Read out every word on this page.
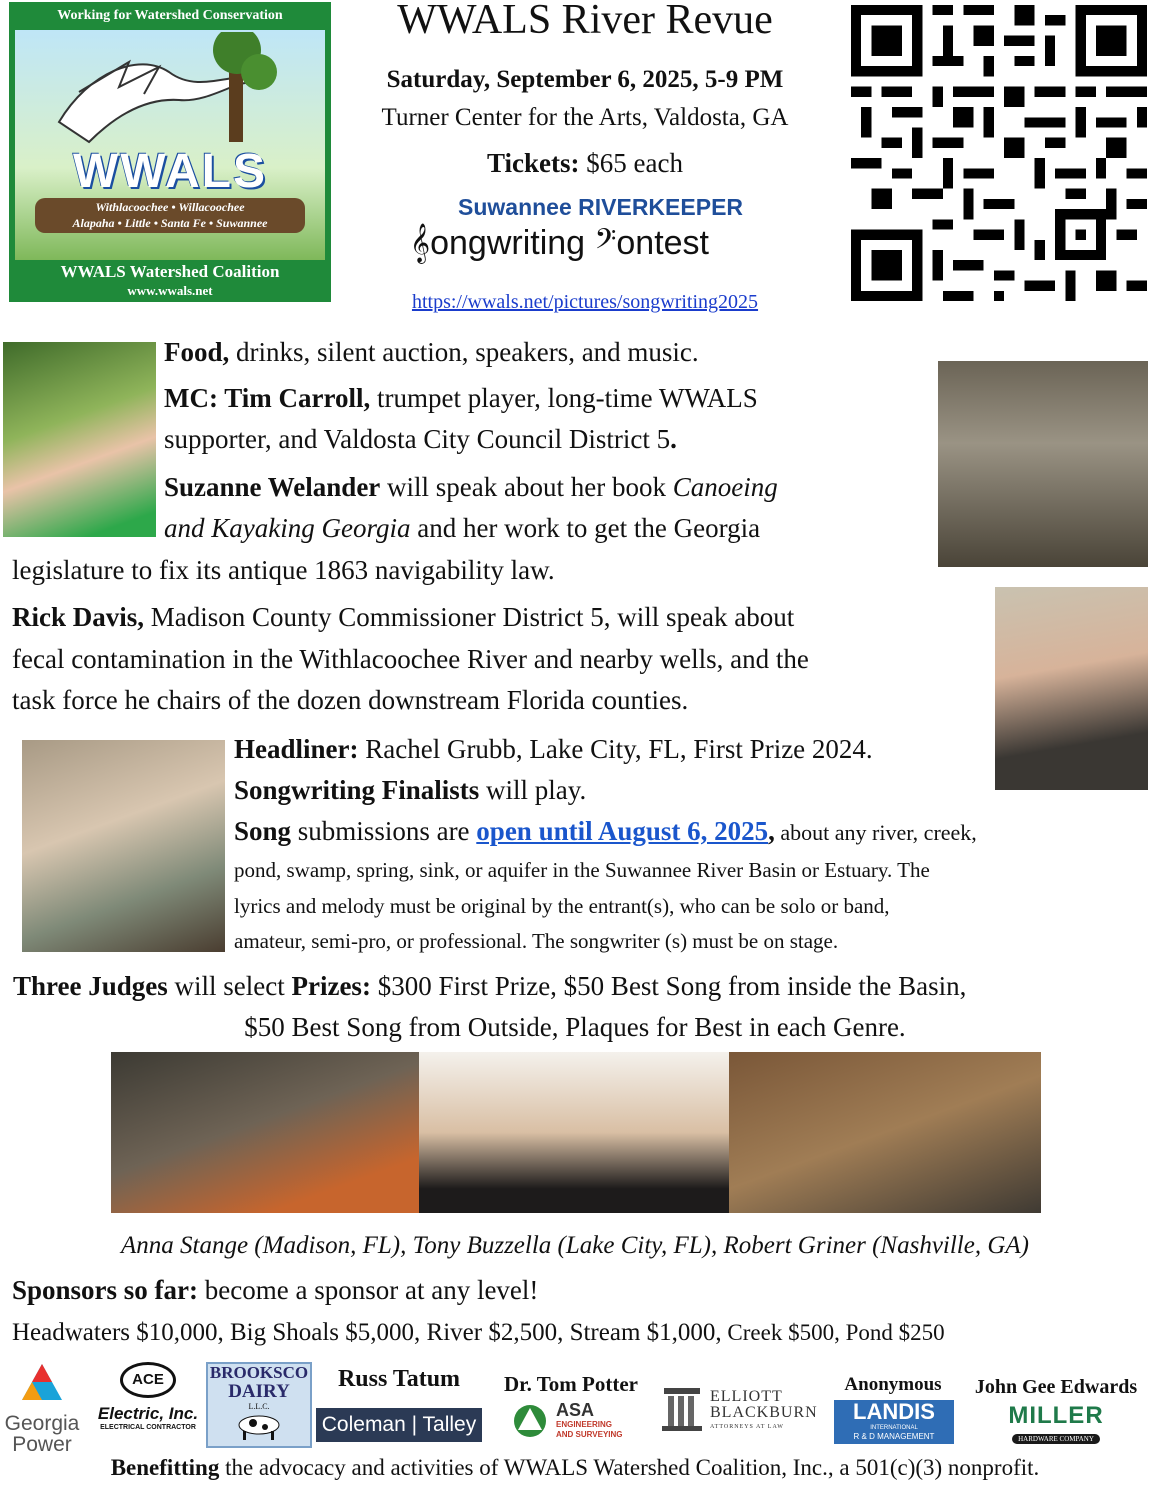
Working for Watershed Conservation
WWALS
Withlacoochee • Willacoochee
Alapaha • Little • Santa Fe • Suwannee
WWALS Watershed Coalition
www.wwals.net
WWALS River Revue
Saturday, September 6, 2025, 5-9 PM
Turner Center for the Arts, Valdosta, GA
Tickets: $65 each
Suwannee RIVERKEEPER
𝄞ongwriting 𝄢ontest
https://wwals.net/pictures/songwriting2025
Food, drinks, silent auction, speakers, and music.
MC: Tim Carroll, trumpet player, long-time WWALS
supporter, and Valdosta City Council District 5.
Suzanne Welander will speak about her book Canoeing
and Kayaking Georgia and her work to get the Georgia
legislature to fix its antique 1863 navigability law.
Rick Davis, Madison County Commissioner District 5, will speak about
fecal contamination in the Withlacoochee River and nearby wells, and the
task force he chairs of the dozen downstream Florida counties.
Headliner: Rachel Grubb, Lake City, FL, First Prize 2024.
Songwriting Finalists will play.
Song submissions are open until August 6, 2025, about any river, creek,
pond, swamp, spring, sink, or aquifer in the Suwannee River Basin or Estuary. The
lyrics and melody must be original by the entrant(s), who can be solo or band,
amateur, semi-pro, or professional. The songwriter (s) must be on stage.
Three Judges will select Prizes: $300 First Prize, $50 Best Song from inside the Basin,
$50 Best Song from Outside, Plaques for Best in each Genre.
Anna Stange (Madison, FL), Tony Buzzella (Lake City, FL), Robert Griner (Nashville, GA)
Sponsors so far: become a sponsor at any level!
Headwaters $10,000, Big Shoals $5,000, River $2,500, Stream $1,000, Creek $500, Pond $250
Georgia
Power
ACE
Electric, Inc.
ELECTRICAL CONTRACTOR
BROOKSCO
DAIRY
L.L.C.
Russ Tatum
Coleman | Talley
Dr. Tom Potter
ASA
ENGINEERING
AND SURVEYING
ELLIOTT
BLACKBURN
ATTORNEYS AT LAW
Anonymous
LANDIS
INTERNATIONAL
R & D MANAGEMENT
John Gee Edwards
MILLER
HARDWARE COMPANY
Benefitting the advocacy and activities of WWALS Watershed Coalition, Inc., a 501(c)(3) nonprofit.
